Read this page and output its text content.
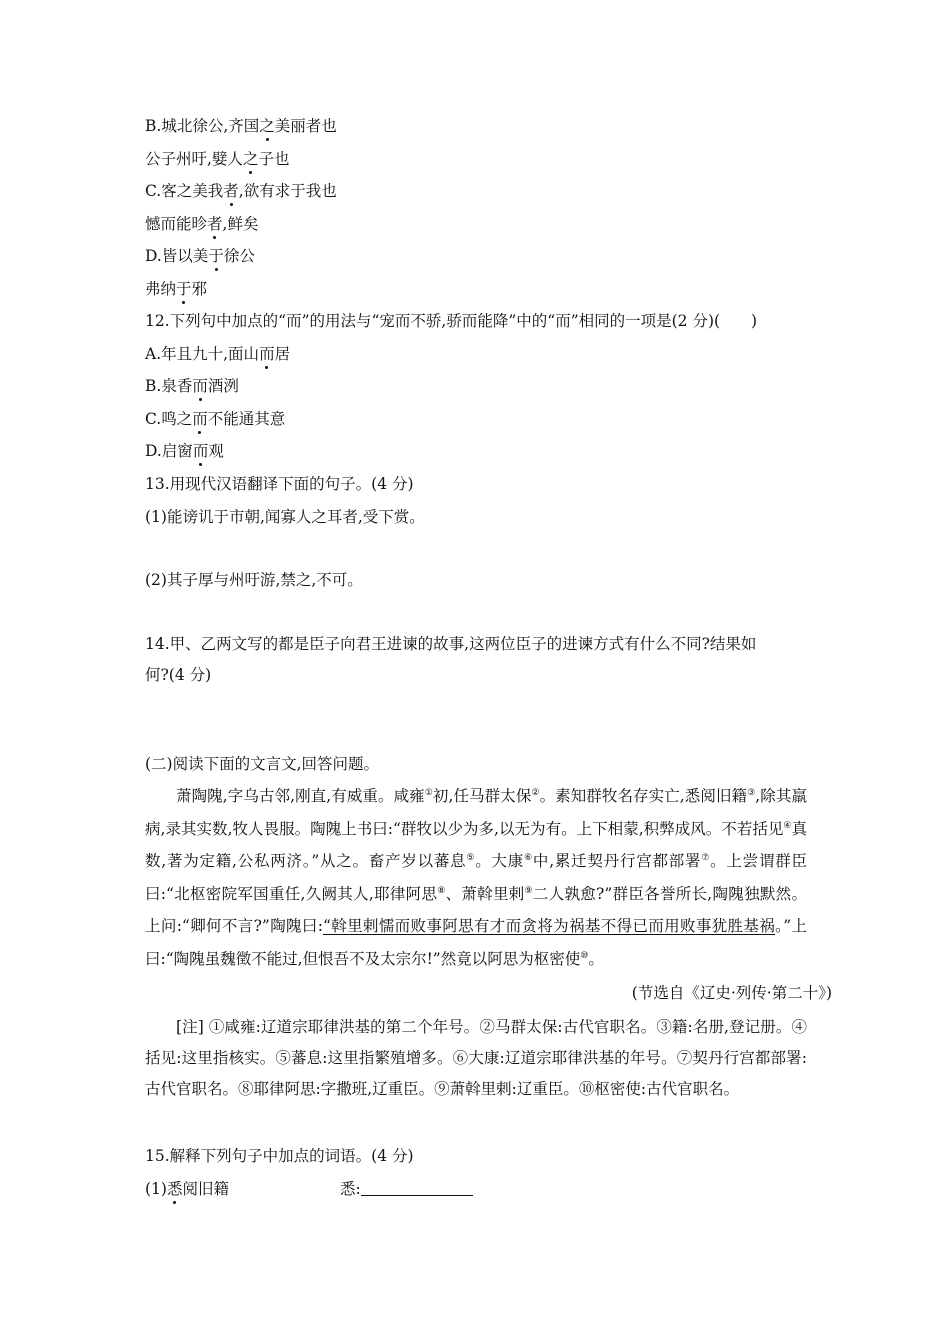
B.城北徐公,齐国之美丽者也
公子州吁,嬖人之子也
C.客之美我者,欲有求于我也
憾而能昣者,鲜矣
D.皆以美于徐公
弗纳于邪
12.下列句中加点的“而”的用法与“宠而不骄,骄而能降”中的“而”相同的一项是(2 分)(　　)
A.年且九十,面山而居
B.泉香而酒洌
C.鸣之而不能通其意
D.启窗而观
13.用现代汉语翻译下面的句子。(4 分)
(1)能谤讥于市朝,闻寡人之耳者,受下赏。
(2)其子厚与州吁游,禁之,不可。
14.甲、乙两文写的都是臣子向君王进谏的故事,这两位臣子的进谏方式有什么不同?结果如
何?(4 分)
(二)阅读下面的文言文,回答问题。
萧陶隗,字乌古邻,刚直,有威重。咸雍①初,任马群太保②。素知群牧名存实亡,悉阅旧籍③,除其羸病,录其实数,牧人畏服。陶隗上书曰:“群牧以少为多,以无为有。上下相蒙,积弊成风。不若括见④真数,著为定籍,公私两济。”从之。畜产岁以蕃息⑤。大康⑥中,累迁契丹行宫都部署⑦。上尝谓群臣曰:“北枢密院军国重任,久阙其人,耶律阿思⑧、萧斡里剌⑨二人孰愈?”群臣各誉所长,陶隗独默然。上问:“卿何不言?”陶隗曰:“斡里剌懦而败事阿思有才而贪将为祸基不得已而用败事犹胜基祸。”上曰:“陶隗虽魏徵不能过,但恨吾不及太宗尔!”然竟以阿思为枢密使⑩。
(节选自《辽史·列传·第二十》)
[注] ①咸雍:辽道宗耶律洪基的第二个年号。②马群太保:古代官职名。③籍:名册,登记册。④括见:这里指核实。⑤蕃息:这里指繁殖增多。⑥大康:辽道宗耶律洪基的年号。⑦契丹行宫都部署:古代官职名。⑧耶律阿思:字撒班,辽重臣。⑨萧斡里剌:辽重臣。⑩枢密使:古代官职名。
15.解释下列句子中加点的词语。(4 分)
(1)悉阅旧籍	悉:
